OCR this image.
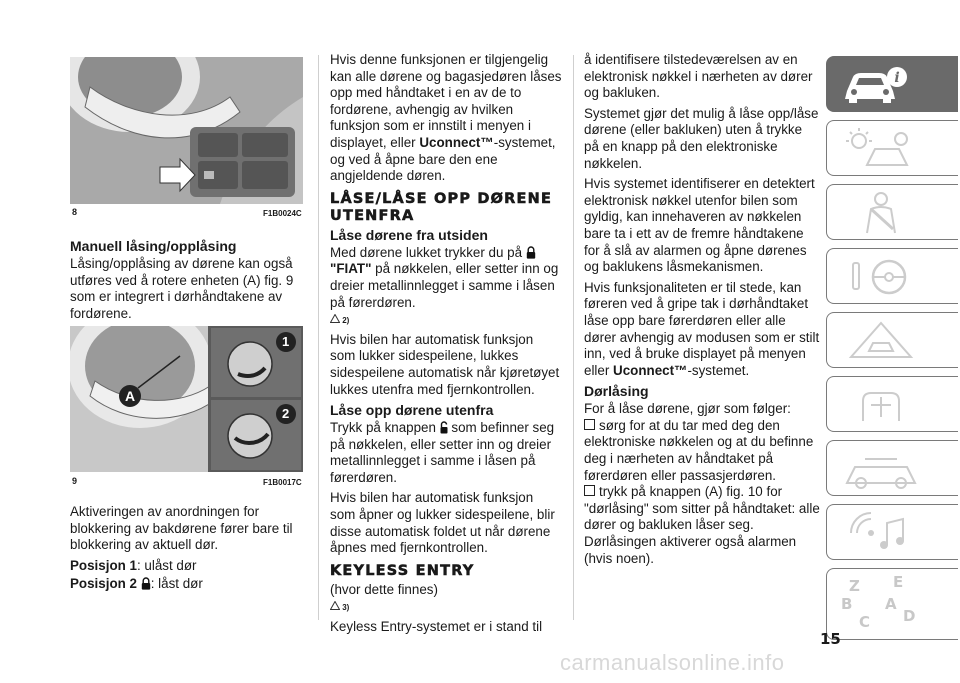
8	F1B0024C
Manuell låsing/opplåsing

Låsing/opplåsing av dørene kan også utføres ved å rotere enheten (A) fig. 9 som er integrert i dørhåndtakene av fordørene.

A
1
2
9	F1B0017C

Aktiveringen av anordningen for blokkering av bakdørene fører bare til blokkering av aktuell dør.

Posisjon 1: ulåst dør

Posisjon 2 : låst dør

Hvis denne funksjonen er tilgjengelig kan alle dørene og bagasjedøren låses opp med håndtaket i en av de to fordørene, avhengig av hvilken funksjon som er innstilt i menyen i displayet, eller Uconnect™-systemet, og ved å åpne bare den ene angjeldende døren.

LÅSE/LÅSE OPP DØRENE UTENFRA
Låse dørene fra utsiden

Med dørene lukket trykker du på  "FIAT" på nøkkelen, eller setter inn og dreier metallinnlegget i samme i låsen på førerdøren.

2)

Hvis bilen har automatisk funksjon som lukker sidespeilene, lukkes sidespeilene automatisk når kjøretøyet lukkes utenfra med fjernkontrollen.

Låse opp dørene utenfra

Trykk på knappen  som befinner seg på nøkkelen, eller setter inn og dreier metallinnlegget i samme i låsen på førerdøren.

Hvis bilen har automatisk funksjon som åpner og lukker sidespeilene, blir disse automatisk foldet ut når dørene åpnes med fjernkontrollen.

KEYLESS ENTRY

(hvor dette finnes)

3)

Keyless Entry-systemet er i stand til

å identifisere tilstedeværelsen av en elektronisk nøkkel i nærheten av dører og bakluken.

Systemet gjør det mulig å låse opp/låse dørene (eller bakluken) uten å trykke på en knapp på den elektroniske nøkkelen.

Hvis systemet identifiserer en detektert elektronisk nøkkel utenfor bilen som gyldig, kan innehaveren av nøkkelen bare ta i ett av de fremre håndtakene for å slå av alarmen og åpne dørenes og baklukens låsmekanismen.

Hvis funksjonaliteten er til stede, kan føreren ved å gripe tak i dørhåndtaket låse opp bare førerdøren eller alle dører avhengig av modusen som er stilt inn, ved å bruke displayet på menyen eller Uconnect™-systemet.

Dørlåsing

For å låse dørene, gjør som følger:

sørg for at du tar med deg den elektroniske nøkkelen og at du befinne deg i nærheten av håndtaket på førerdøren eller passasjerdøren.

trykk på knappen (A) fig. 10 for "dørlåsing" som sitter på håndtaket: alle dører og bakluken låser seg. Dørlåsingen aktiverer også alarmen (hvis noen).

i
Z E
B A
C D
15
carmanualsonline.info
